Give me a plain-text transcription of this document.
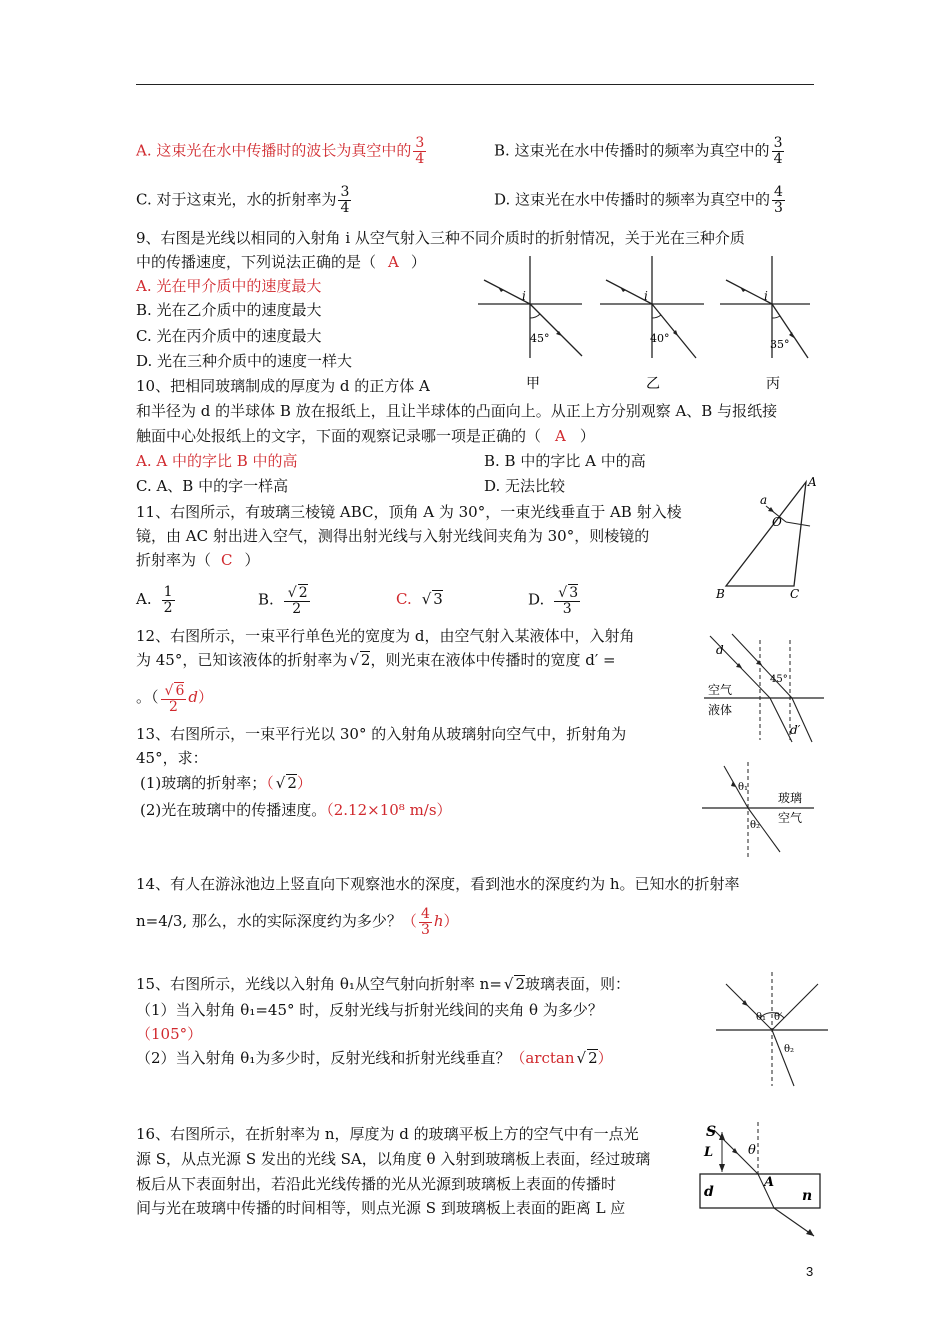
A. 这束光在水中传播时的波长为真空中的 $\frac{3}{4}$	B. 这束光在水中传播时的频率为真空中的 $\frac{3}{4}$
C. 对于这束光，水的折射率为 $\frac{3}{4}$	D. 这束光在水中传播时的频率为真空中的 $\frac{4}{3}$
9、右图是光线以相同的入射角 i 从空气射入三种不同介质时的折射情况，关于光在三种介质
中的传播速度，下列说法正确的是（ A ）
A. 光在甲介质中的速度最大
B. 光在乙介质中的速度最大
C. 光在丙介质中的速度最大
D. 光在三种介质中的速度一样大
i
45°
甲
i
40°
乙
i
35°
丙
10、把相同玻璃制成的厚度为 d 的正方体 A
和半径为 d 的半球体 B 放在报纸上，且让半球体的凸面向上。从正上方分别观察 A、B 与报纸接
触面中心处报纸上的文字，下面的观察记录哪一项是正确的（ A ）
A. A 中的字比 B 中的高	B. B 中的字比 A 中的高
C. A、B 中的字一样高	D. 无法比较
11、右图所示，有玻璃三棱镜 ABC，顶角 A 为 30°，一束光线垂直于 AB 射入棱
镜，由 AC 射出进入空气，测得出射光线与入射光线间夹角为 30°，则棱镜的
折射率为（ C ）
A. $\frac{1}{2}$	B. $\frac{√ 2}{2}$	C. √ 3	D. $\frac{√ 3}{3}$
A
B	C
O
a
12、右图所示，一束平行单色光的宽度为 d，由空气射入某液体中，入射角
为 45°，已知该液体的折射率为 √ 2，则光束在液体中传播时的宽度 d′ =
。（ $\frac{√ 6}{2} d$）
d
45°
空气
液体
d′
13、右图所示，一束平行光以 30° 的入射角从玻璃射向空气中，折射角为
45°，求：
(1)玻璃的折射率；（ √ 2）
(2)光在玻璃中的传播速度。（2.12×10⁸ m/s）
θ₁
θ₂
玻璃
空气
14、有人在游泳池边上竖直向下观察池水的深度，看到池水的深度约为 h。已知水的折射率
n=4/3, 那么，水的实际深度约为多少？（ $\frac{4}{3} h$）
15、右图所示，光线以入射角 θ₁从空气射向折射率 n= √ 2玻璃表面，则：
（1）当入射角 θ₁=45° 时，反射光线与折射光线间的夹角 θ 为多少？
（105°）
（2）当入射角 θ₁为多少时，反射光线和折射光线垂直？（arctan √ 2）
θ₁ θ′
θ₂
16、右图所示，在折射率为 n，厚度为 d 的玻璃平板上方的空气中有一点光
源 S，从点光源 S 发出的光线 SA，以角度 θ 入射到玻璃板上表面，经过玻璃
板后从下表面射出，若沿此光线传播的光从光源到玻璃板上表面的传播时
间与光在玻璃中传播的时间相等，则点光源 S 到玻璃板上表面的距离 L 应
S
L	θ
A
d	n
3
